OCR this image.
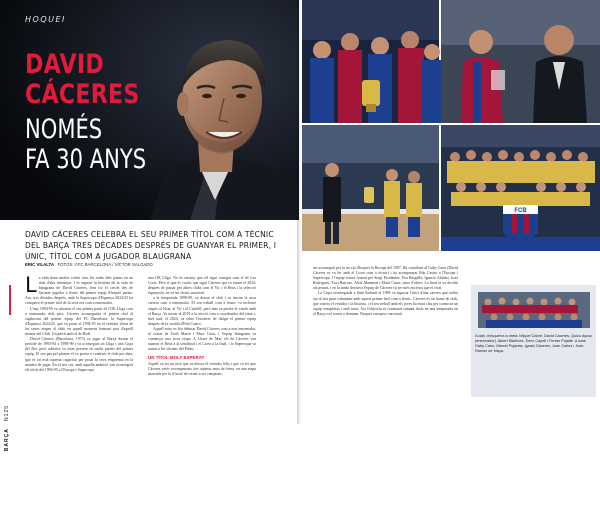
HOQUEI
DAVID
CÁCERES
NOMÉS
FA 30 ANYS
DAVID CÁCERES CELEBRA EL SEU PRIMER TÍTOL COM A TÈCNIC DEL BARÇA TRES DÈCADES DESPRÉS DE GUANYAR EL PRIMER, I ÚNIC, TÍTOL COM A JUGADOR BLAUGRANA
ERIC VILALTA FOTOS: ©FC BARCELONA / VÍCTOR SALGADO
BARÇA   N125
L a vida dona moltes voltes com les rodes dels patins en un club d'alta intensitat. I és segueir la història de la vida en blaugrana de David Cáceres, fent tot el cercle des de l'primer jugador a tècnic del primer equip d'hoquei patins. Ara, tres dècades després, amb la Supercopa d'Espanya 2024/25 ha conquerit el primer títol de la seva era com a entrenador.

L'any 1994-95 va afrontar el seu primer partit de l'OK Lliga com a entrenador dels pers. Cáceres aconseguiria el primer títol al capdavant del primer equip del FC Barcelona: la Supercopa d'Espanya 2024/25, que va posar el 1994-95 en el vestidor d'una de les seves etapes al club, en aquell moment formant part d'aquell mateix del Club. Un partit amb el de Rodi.

David Cáceres (Barcelona, 1975) va jugar al Barça durant el període de 1993-94 a 1998-99 i va aconseguir un Lliga i una Copa del Rei, però sobretot va estar present en molts partits del primer equip. El seu pas pel planter el va portar a conèixer el club per dins, que és on està aquesta capacitat per posar la seva empremta en la manera de jugar. En el seu cas, amb aquella ambició van aconseguir els títols del 1994-95 a l'Europa i Supercopa.

una OK Lliga. No és estrany que ell sigui conegut com el de Les Corts. Però sí que és curiós que sigui Cáceres qui va tornar el 2024, després de passar per altres clubs com el Vic i el Reus i la selecció espanyola, on va ser tècnic assistent.

a la temporada 1998-99, va deixar el club i va iniciar la seva carrera com a entrenador. El seu treball com a tècnic va incloure etapes al Noia, al Vic i al Calafell, però mai va perdre el vincle amb el Barça. Va tornar el 2019 a la secció com a coordinador del futur i, més tard, el 2024, va rebre l'encàrrec de dirigir el primer equip després de la sortida d'Edu Castro.

Aquell estiu es féu debutar David Cáceres com a nou entrenador, al costat de Jordi Marín i Marc Grau, i l'equip blaugrana va començar una nova etapa. A Lloret de Mar, els de Cáceres van superar el Reus a la semifinal i el Liceo a la final, i la Supercopa va tornar a les vitrines del Palau.

UN TÍTOL MOLT ESPERAT

Aquell va ser un títol que va deixar el vestidor feliç i que va fer que Cáceres veiés recompensats tots aquests anys de feina, en una etapa marcada per la il·lusió de tornar a ser campions.

FCB

ser aconseguit per la secció d'hoquei la Recopa del 1987. Ha contribuït al Gaby Cairo (David Cáceres es va fer amb el Liceo com a tècnic) i ha acompanyat Edu Castro a l'Europa i Supercopa. I l'equip estava format per Sergi Fernández, Pau Bargalló, Ignacio Alabart, Joao Rodrigues, Xavi Barroso, Aleix Marimon i Martí Casas, entre d'altres. La final es va decidir als penals, i en la tanda decisiva l'equip de Cáceres va ser més encertat que el rival.

La Copa aconseguida a Sant Sadurní el 1996 va suposar l'inici d'una carrera que arriba ara al seu punt culminant amb aquest primer títol com a tècnic. Cáceres és un home de club, que coneix el vestidor i la història, i el seu treball amb els joves ha estat clau per construir un equip competitiu i amb futur. Ara l'objectiu és continuar sumant títols en una temporada on el Barça vol tornar a dominar l'hoquei europeu i nacional.

A dalt, d'esquerra a dreta: Miquel Cabré, David Cáceres, Quico Ayuso (entrenador), Albert Martínez, Enric Capell i Ferran Pujalte. A sota: Gaby Cairo, Marcel Pujadas, Ignasi Cáceres, Joan Carles i Juan Ramón de Maya.
